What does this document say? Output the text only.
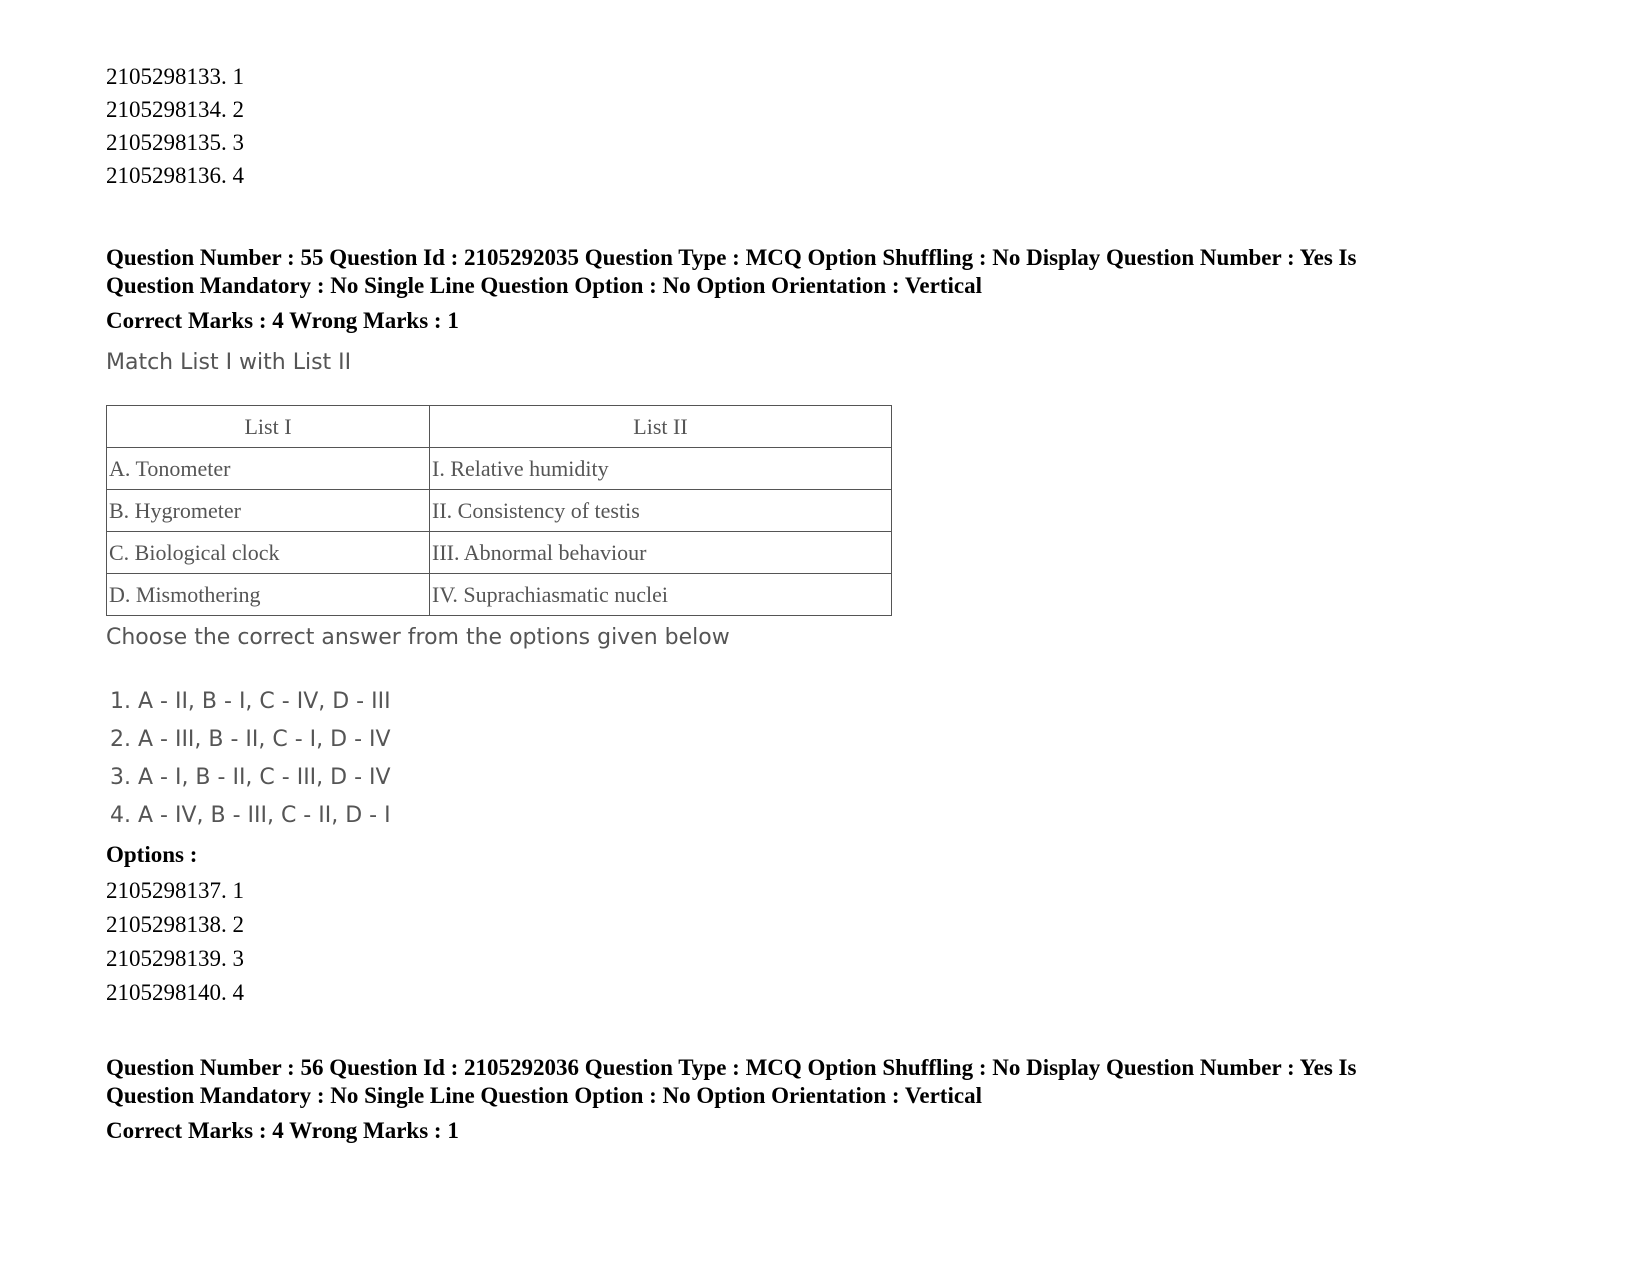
2105298133. 1
2105298134. 2
2105298135. 3
2105298136. 4
Question Number : 55 Question Id : 2105292035 Question Type : MCQ Option Shuffling : No Display Question Number : Yes Is
Question Mandatory : No Single Line Question Option : No Option Orientation : Vertical
Correct Marks : 4 Wrong Marks : 1
Match List I with List II
List I	List II
A. Tonometer	I. Relative humidity
B. Hygrometer	II. Consistency of testis
C. Biological clock	III. Abnormal behaviour
D. Mismothering	IV. Suprachiasmatic nuclei
Choose the correct answer from the options given below
1. A - II, B - I, C - IV, D - III
2. A - III, B - II, C - I, D - IV
3. A - I, B - II, C - III, D - IV
4. A - IV, B - III, C - II, D - I
Options :
2105298137. 1
2105298138. 2
2105298139. 3
2105298140. 4
Question Number : 56 Question Id : 2105292036 Question Type : MCQ Option Shuffling : No Display Question Number : Yes Is
Question Mandatory : No Single Line Question Option : No Option Orientation : Vertical
Correct Marks : 4 Wrong Marks : 1
